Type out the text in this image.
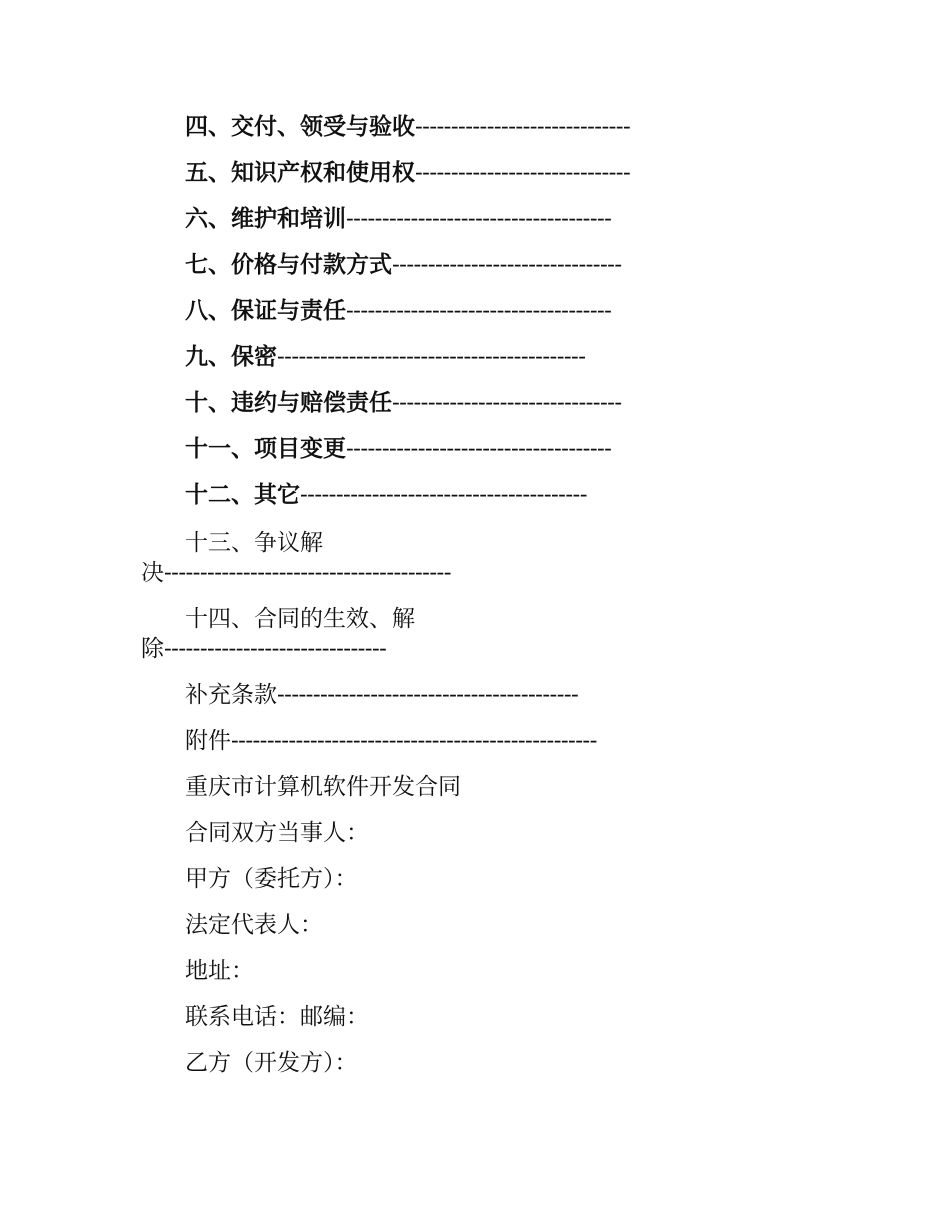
四、交付、领受与验收------------------------------
五、知识产权和使用权------------------------------
六、维护和培训-------------------------------------
七、价格与付款方式--------------------------------
八、保证与责任-------------------------------------
九、保密-------------------------------------------
十、违约与赔偿责任--------------------------------
十一、项目变更-------------------------------------
十二、其它----------------------------------------
十三、争议解
决----------------------------------------
十四、合同的生效、解
除-------------------------------
补充条款------------------------------------------
附件---------------------------------------------------
重庆市计算机软件开发合同
合同双方当事人：
甲方（委托方）：
法定代表人：
地址：
联系电话：邮编：
乙方（开发方）：
